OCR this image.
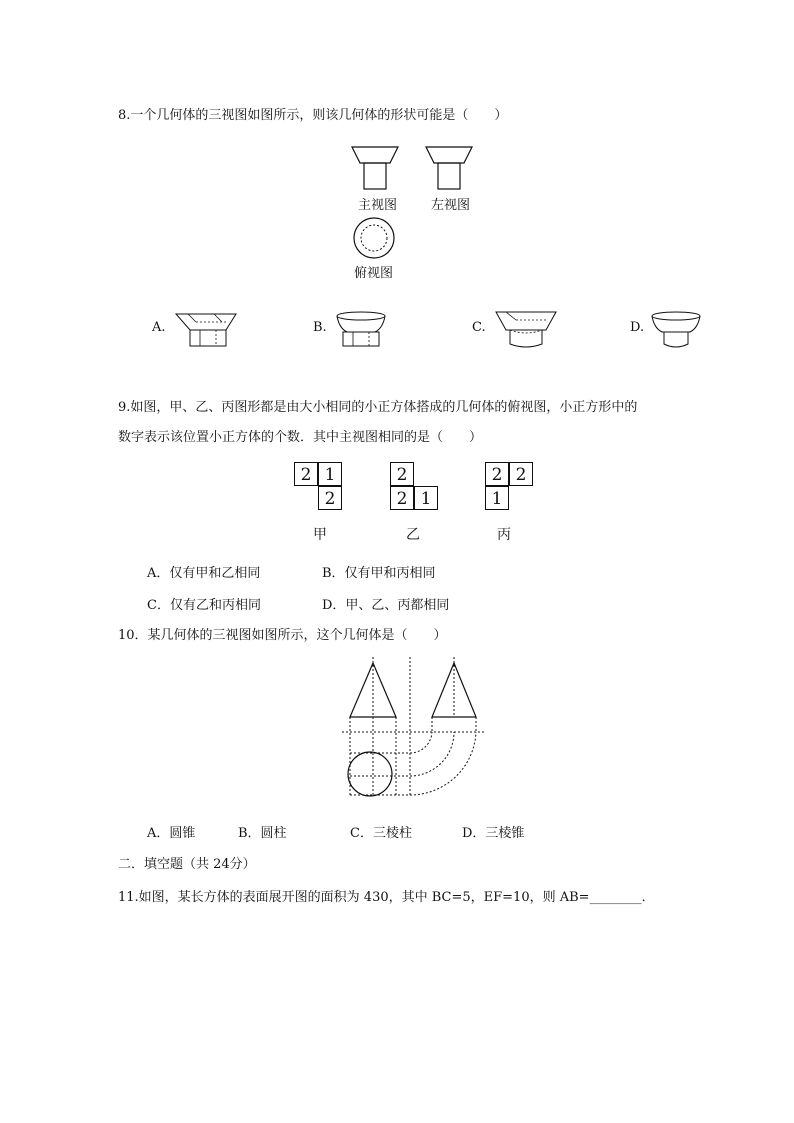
8.一个几何体的三视图如图所示，则该几何体的形状可能是（　　）
主视图	左视图
俯视图
A.	B.	C.	D.
9.如图，甲、乙、丙图形都是由大小相同的小正方体搭成的几何体的俯视图，小正方形中的
数字表示该位置小正方体的个数．其中主视图相同的是（　　）
2 1
2
甲
2
2 1
乙
2 2
1
丙
A．仅有甲和乙相同	B．仅有甲和丙相同
C．仅有乙和丙相同	D．甲、乙、丙都相同
10．某几何体的三视图如图所示，这个几何体是（　　）
A．圆锥	B．圆柱	C．三棱柱	D．三棱锥
二．填空题（共 24分）
11.如图，某长方体的表面展开图的面积为 430，其中 BC=5，EF=10，则 AB=________．
